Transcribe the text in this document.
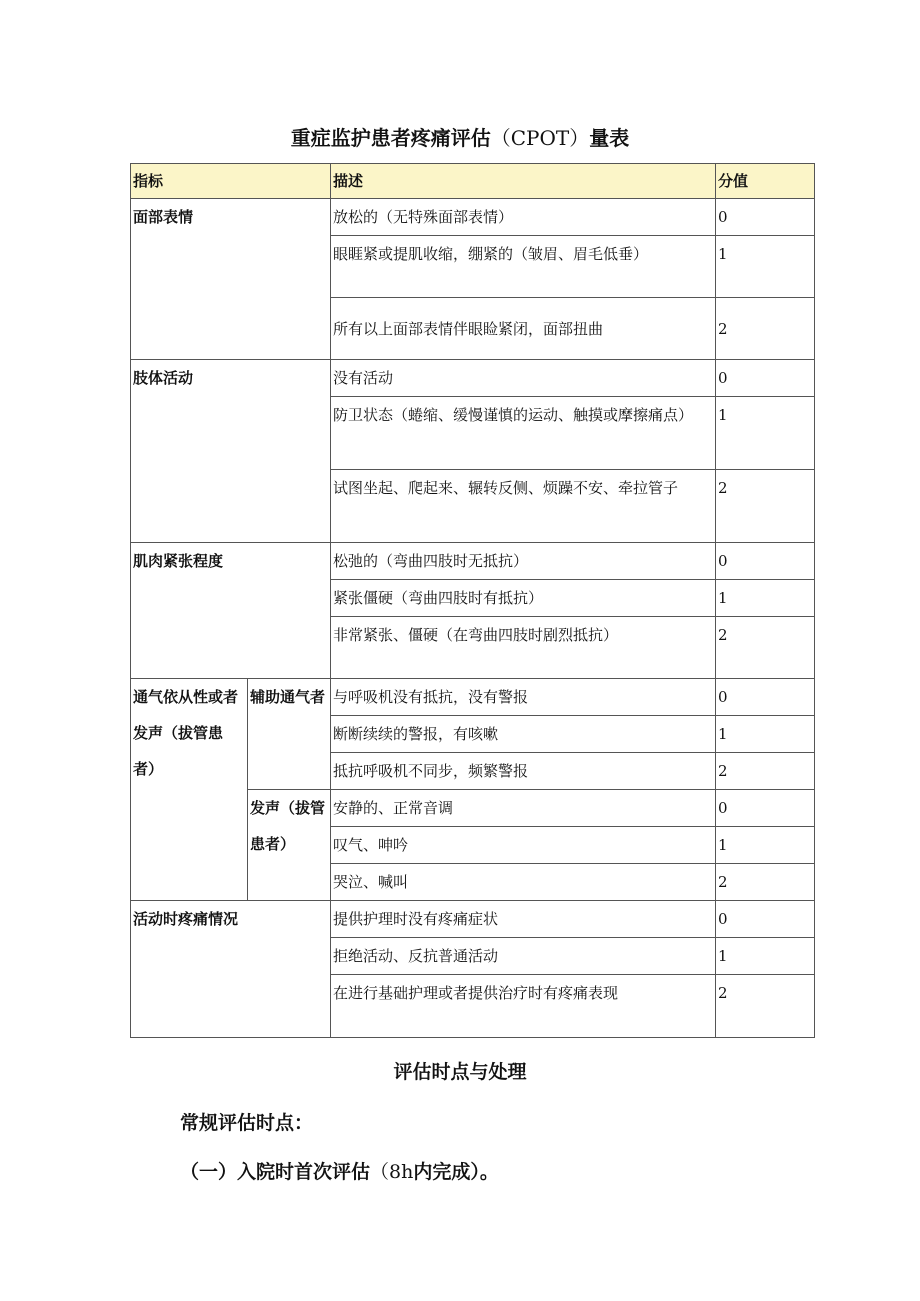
重症监护患者疼痛评估（CPOT）量表
指标		描述	分值
面部表情		放松的（无特殊面部表情）	0
		眼睚紧或提肌收缩，绷紧的（皱眉、眉毛低垂）	1
		所有以上面部表情伴眼睑紧闭，面部扭曲	2
肢体活动		没有活动	0
		防卫状态（蜷缩、缓慢谨慎的运动、触摸或摩擦痛点）	1
		试图坐起、爬起来、辗转反侧、烦躁不安、牵拉管子	2
肌肉紧张程度		松弛的（弯曲四肢时无抵抗）	0
		紧张僵硬（弯曲四肢时有抵抗）	1
		非常紧张、僵硬（在弯曲四肢时剧烈抵抗）	2
通气依从性或者发声（拔管患者）	辅助通气者	与呼吸机没有抵抗，没有警报	0
		断断续续的警报，有咳嗽	1
		抵抗呼吸机不同步，频繁警报	2
	发声（拔管患者）	安静的、正常音调	0
		叹气、呻吟	1
		哭泣、喊叫	2
活动时疼痛情况		提供护理时没有疼痛症状	0
		拒绝活动、反抗普通活动	1
		在进行基础护理或者提供治疗时有疼痛表现	2
评估时点与处理
常规评估时点：
（一）入院时首次评估（8h内完成）。
